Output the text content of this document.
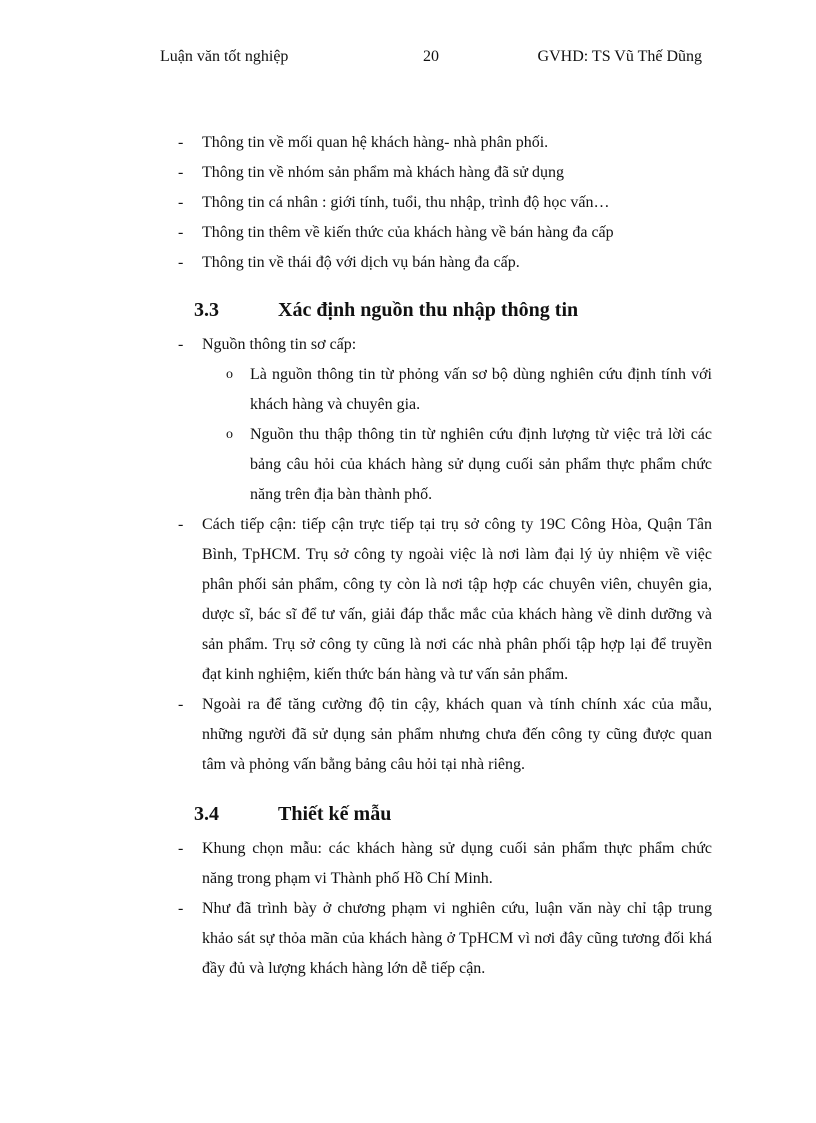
Luận văn tốt nghiệp	20	GVHD: TS Vũ Thế Dũng

- Thông tin về mối quan hệ khách hàng- nhà phân phối.

- Thông tin về nhóm sản phẩm mà khách hàng đã sử dụng

- Thông tin cá nhân : giới tính, tuổi, thu nhập, trình độ học vấn…

- Thông tin thêm về kiến thức của khách hàng về bán hàng đa cấp

- Thông tin về thái độ với dịch vụ bán hàng đa cấp.

3.3	Xác định nguồn thu nhập thông tin

- Nguồn thông tin sơ cấp:

o Là nguồn thông tin từ phỏng vấn sơ bộ dùng nghiên cứu định tính với khách hàng và chuyên gia.

o Nguồn thu thập thông tin từ nghiên cứu định lượng từ việc trả lời các bảng câu hỏi của khách hàng sử dụng cuối sản phẩm thực phẩm chức năng trên địa bàn thành phố.

- Cách tiếp cận: tiếp cận trực tiếp tại trụ sở công ty 19C Công Hòa, Quận Tân Bình, TpHCM. Trụ sở công ty ngoài việc là nơi làm đại lý ủy nhiệm về việc phân phối sản phẩm, công ty còn là nơi tập hợp các chuyên viên, chuyên gia, dược sĩ, bác sĩ để tư vấn, giải đáp thắc mắc của khách hàng về dinh dưỡng và sản phẩm. Trụ sở công ty cũng là nơi các nhà phân phối tập hợp lại để truyền đạt kinh nghiệm, kiến thức bán hàng và tư vấn sản phẩm.

- Ngoài ra để tăng cường độ tin cậy, khách quan và tính chính xác của mẫu, những người đã sử dụng sản phẩm nhưng chưa đến công ty cũng được quan tâm và phỏng vấn bằng bảng câu hỏi tại nhà riêng.

3.4	Thiết kế mẫu

- Khung chọn mẫu: các khách hàng sử dụng cuối sản phẩm thực phẩm chức năng trong phạm vi Thành phố Hồ Chí Minh.

- Như đã trình bày ở chương phạm vi nghiên cứu, luận văn này chỉ tập trung khảo sát sự thỏa mãn của khách hàng ở TpHCM vì nơi đây cũng tương đối khá đầy đủ và lượng khách hàng lớn dễ tiếp cận.
